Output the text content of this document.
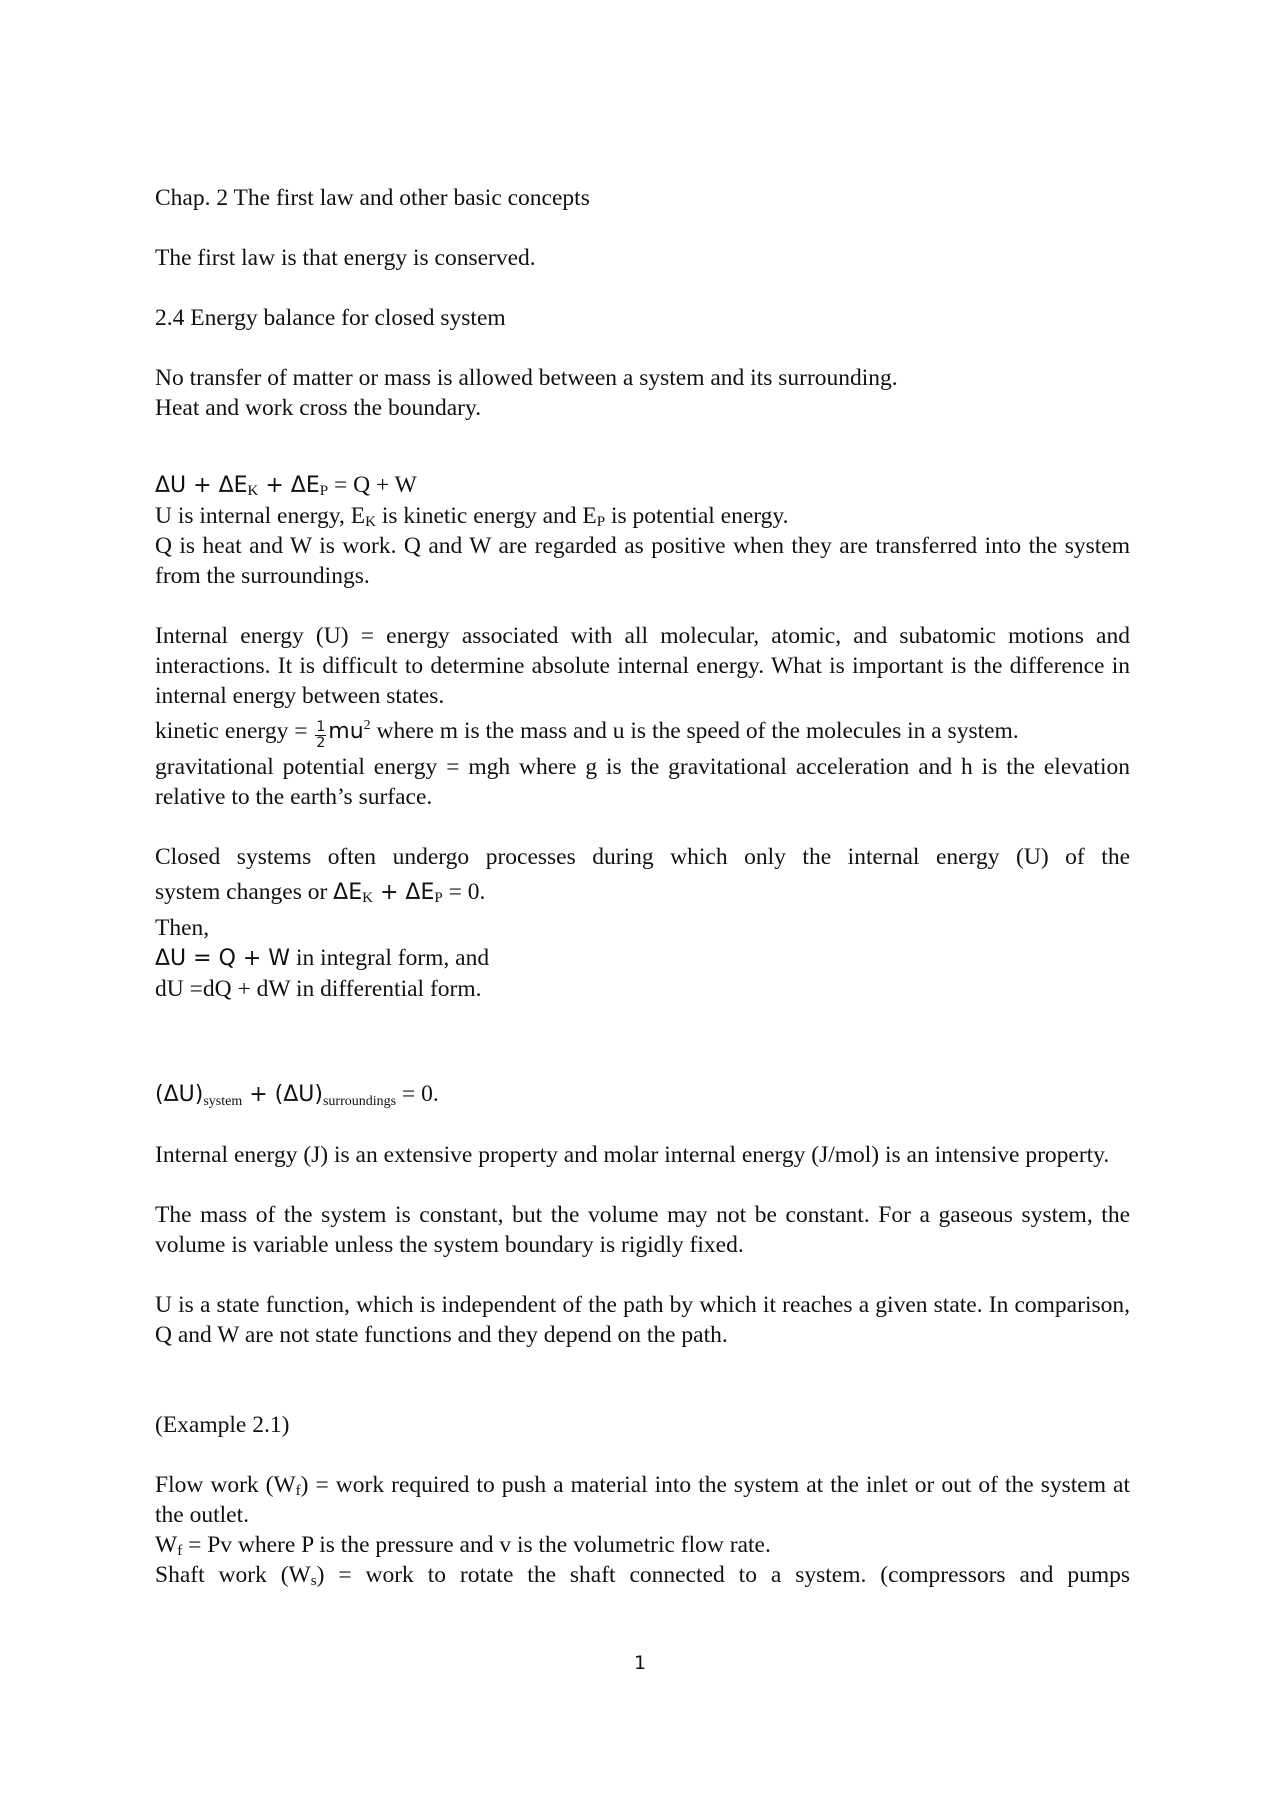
Chap. 2 The first law and other basic concepts

The first law is that energy is conserved.

2.4 Energy balance for closed system

No transfer of matter or mass is allowed between a system and its surrounding.

Heat and work cross the boundary.

$\Delta U + \Delta E_K + \Delta E_P = Q + W$

U is internal energy, $E_K$ is kinetic energy and $E_P$ is potential energy.

Q is heat and W is work. Q and W are regarded as positive when they are transferred into the system from the surroundings.

Internal energy (U) = energy associated with all molecular, atomic, and subatomic motions and interactions. It is difficult to determine absolute internal energy. What is important is the difference in internal energy between states.

kinetic energy = $\frac{1}{2} mu^2$ where m is the mass and u is the speed of the molecules in a system.

gravitational potential energy = mgh where g is the gravitational acceleration and h is the elevation relative to the earth’s surface.

Closed systems often undergo processes during which only the internal energy (U) of the

system changes or $\Delta E_K + \Delta E_P = 0$.

Then,

ΔU = Q + W in integral form, and

dU =dQ + dW in differential form.

$(\Delta U)_{system} + (\Delta U)_{surroundings} = 0$.

Internal energy (J) is an extensive property and molar internal energy (J/mol) is an intensive property.

The mass of the system is constant, but the volume may not be constant. For a gaseous system, the volume is variable unless the system boundary is rigidly fixed.

U is a state function, which is independent of the path by which it reaches a given state. In comparison, Q and W are not state functions and they depend on the path.

(Example 2.1)

Flow work $(W_f)$ = work required to push a material into the system at the inlet or out of the system at the outlet.

$W_f = Pv$ where P is the pressure and v is the volumetric flow rate.

Shaft work $(W_s)$ = work to rotate the shaft connected to a system. (compressors and pumps

1
